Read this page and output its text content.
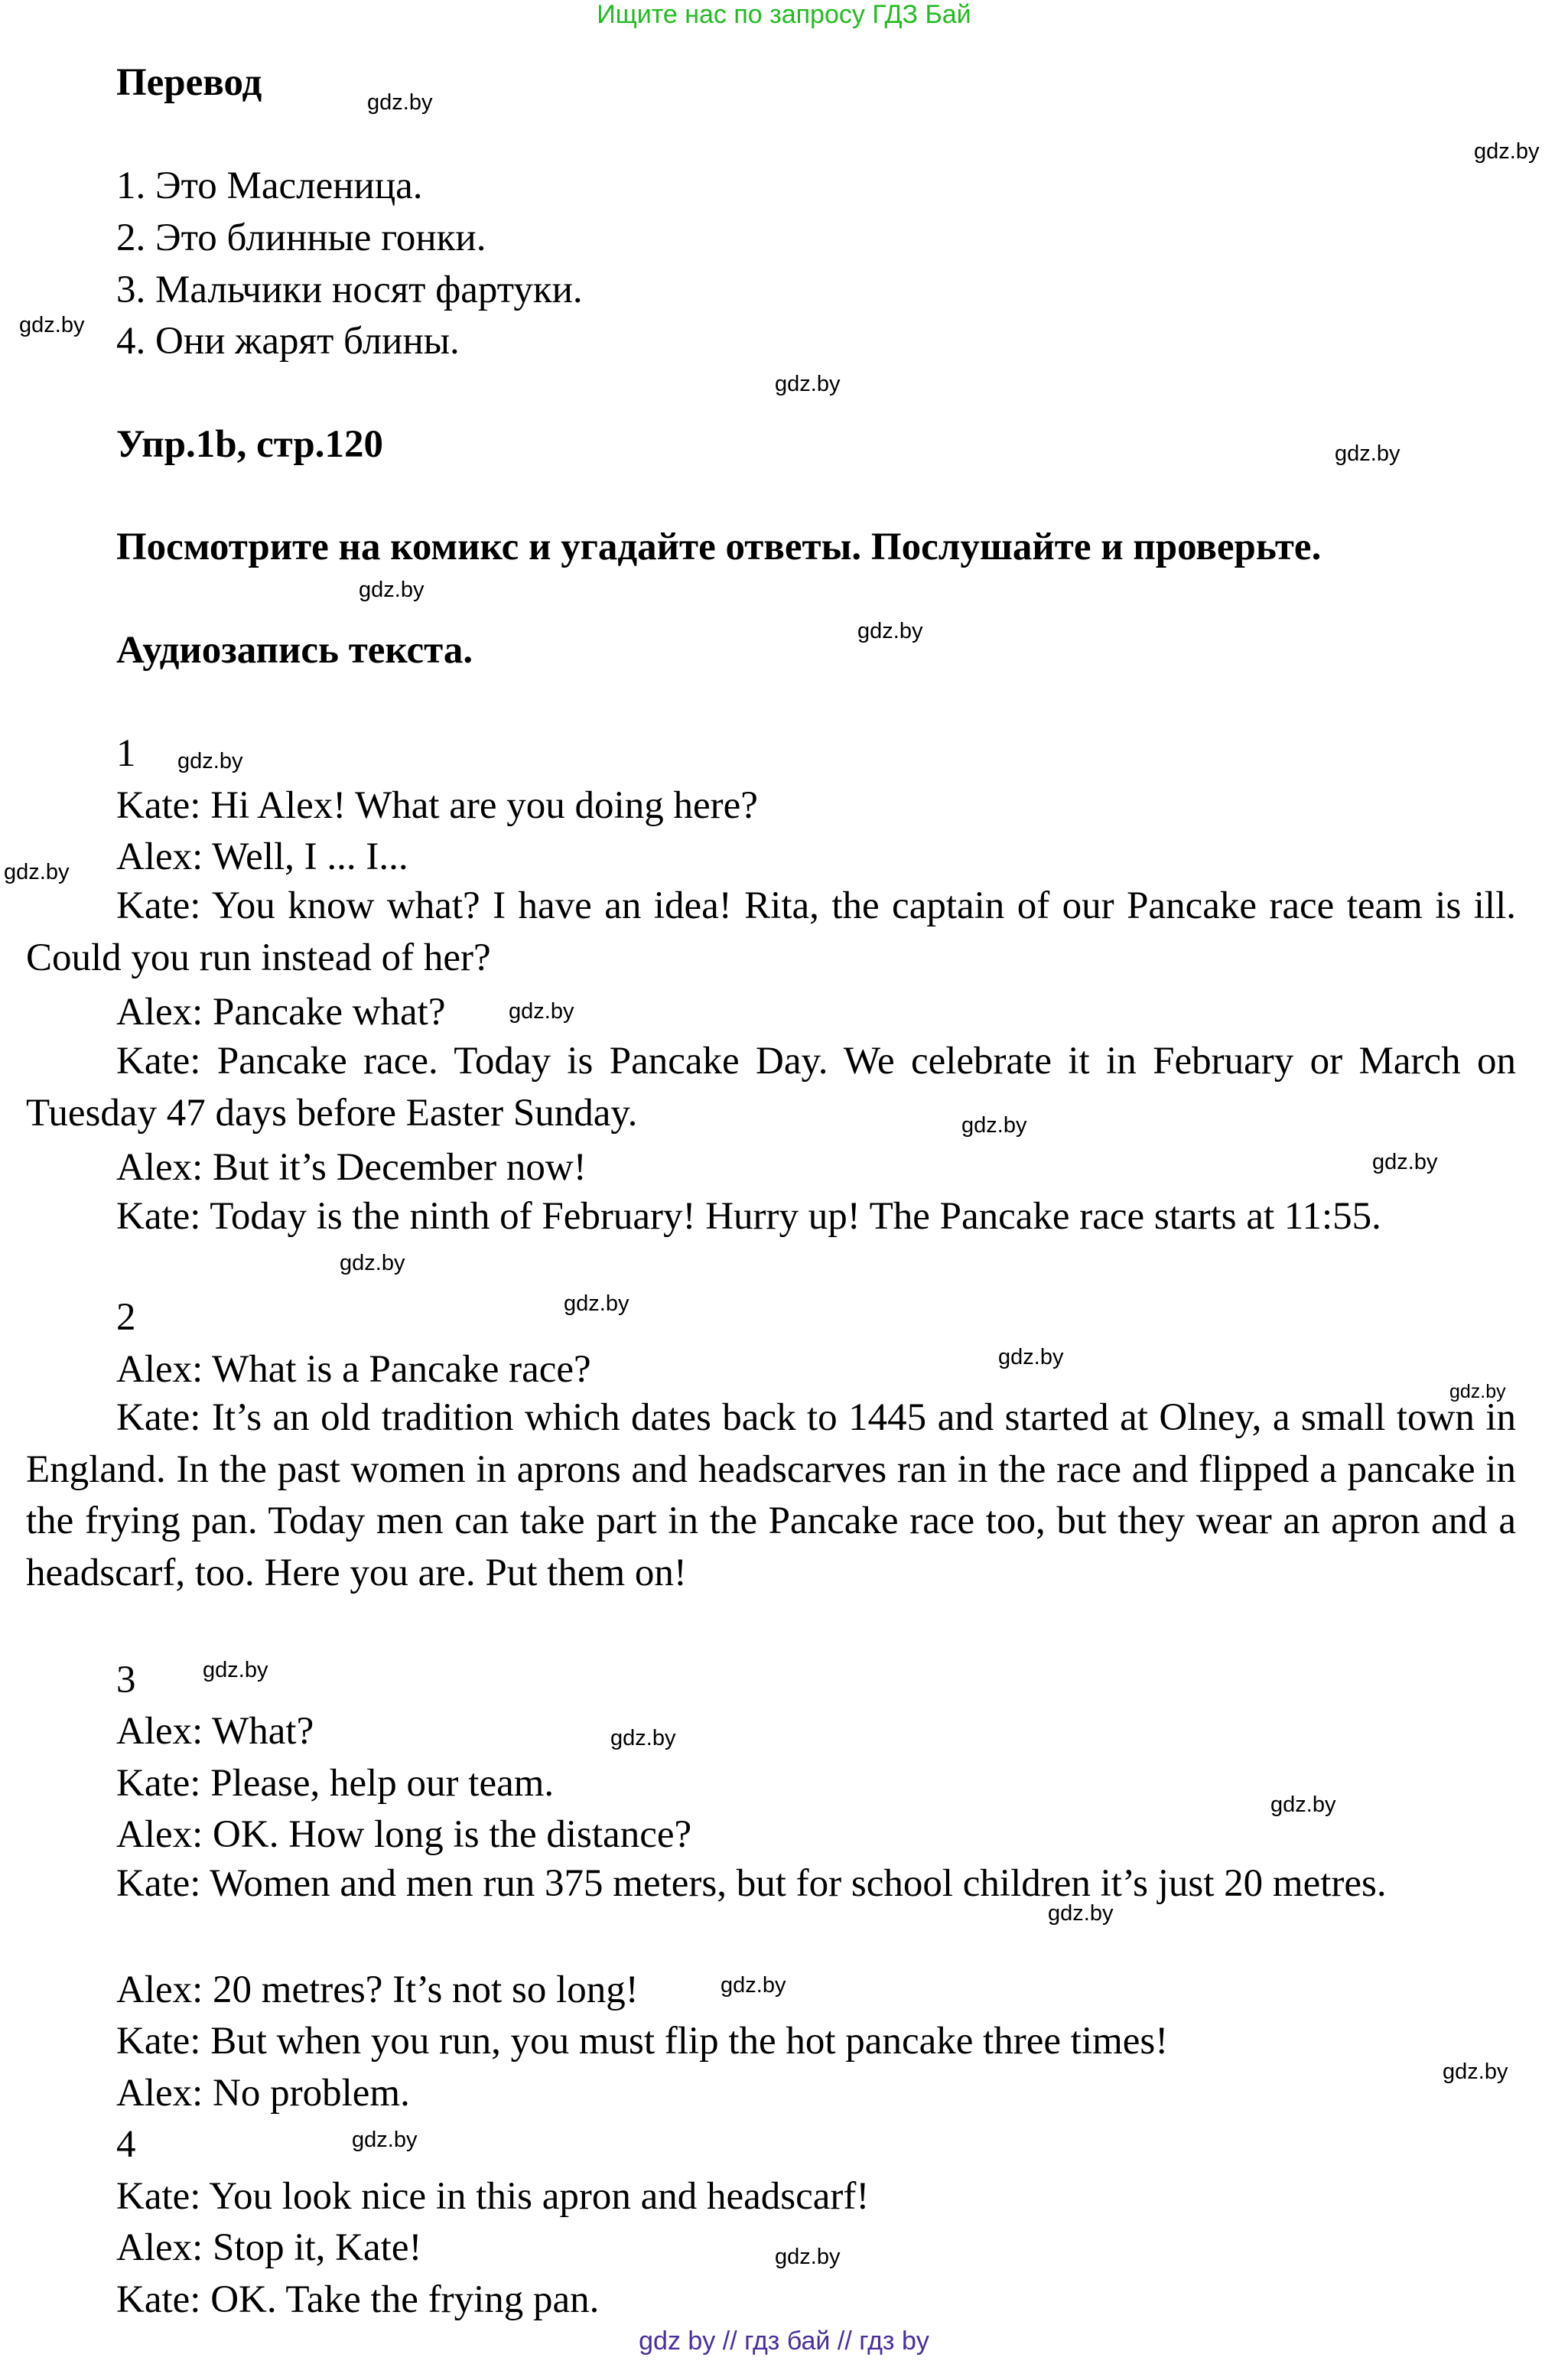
Ищите нас по запросу ГДЗ Бай
Перевод
1. Это Масленица.
2. Это блинные гонки.
3. Мальчики носят фартуки.
4. Они жарят блины.
Упр.1b, стр.120
Посмотрите на комикс и угадайте ответы. Послушайте и проверьте.
Аудиозапись текста.
1
Kate: Hi Alex! What are you doing here?
Alex: Well, I ... I...
Kate: You know what? I have an idea! Rita, the captain of our Pancake race team is ill. Could you run instead of her?
Alex: Pancake what?
Kate: Pancake race. Today is Pancake Day. We celebrate it in February or March on Tuesday 47 days before Easter Sunday.
Alex: But it’s December now!
Kate: Today is the ninth of February! Hurry up! The Pancake race starts at 11:55.
2
Alex: What is a Pancake race?
Kate: It’s an old tradition which dates back to 1445 and started at Olney, a small town in England. In the past women in aprons and headscarves ran in the race and flipped a pancake in the frying pan. Today men can take part in the Pancake race too, but they wear an apron and a headscarf, too. Here you are. Put them on!
3
Alex: What?
Kate: Please, help our team.
Alex: OK. How long is the distance?
Kate: Women and men run 375 meters, but for school children it’s just 20 metres.
Alex: 20 metres? It’s not so long!
Kate: But when you run, you must flip the hot pancake three times!
Alex: No problem.
4
Kate: You look nice in this apron and headscarf!
Alex: Stop it, Kate!
Kate: OK. Take the frying pan.
gdz.by
gdz.by
gdz.by
gdz.by
gdz.by
gdz.by
gdz.by
gdz.by
gdz.by
gdz.by
gdz.by
gdz.by
gdz.by
gdz.by
gdz.by
gdz.by
gdz.by
gdz.by
gdz.by
gdz.by
gdz.by
gdz.by
gdz.by
gdz.by
gdz by // гдз бай // гдз by
